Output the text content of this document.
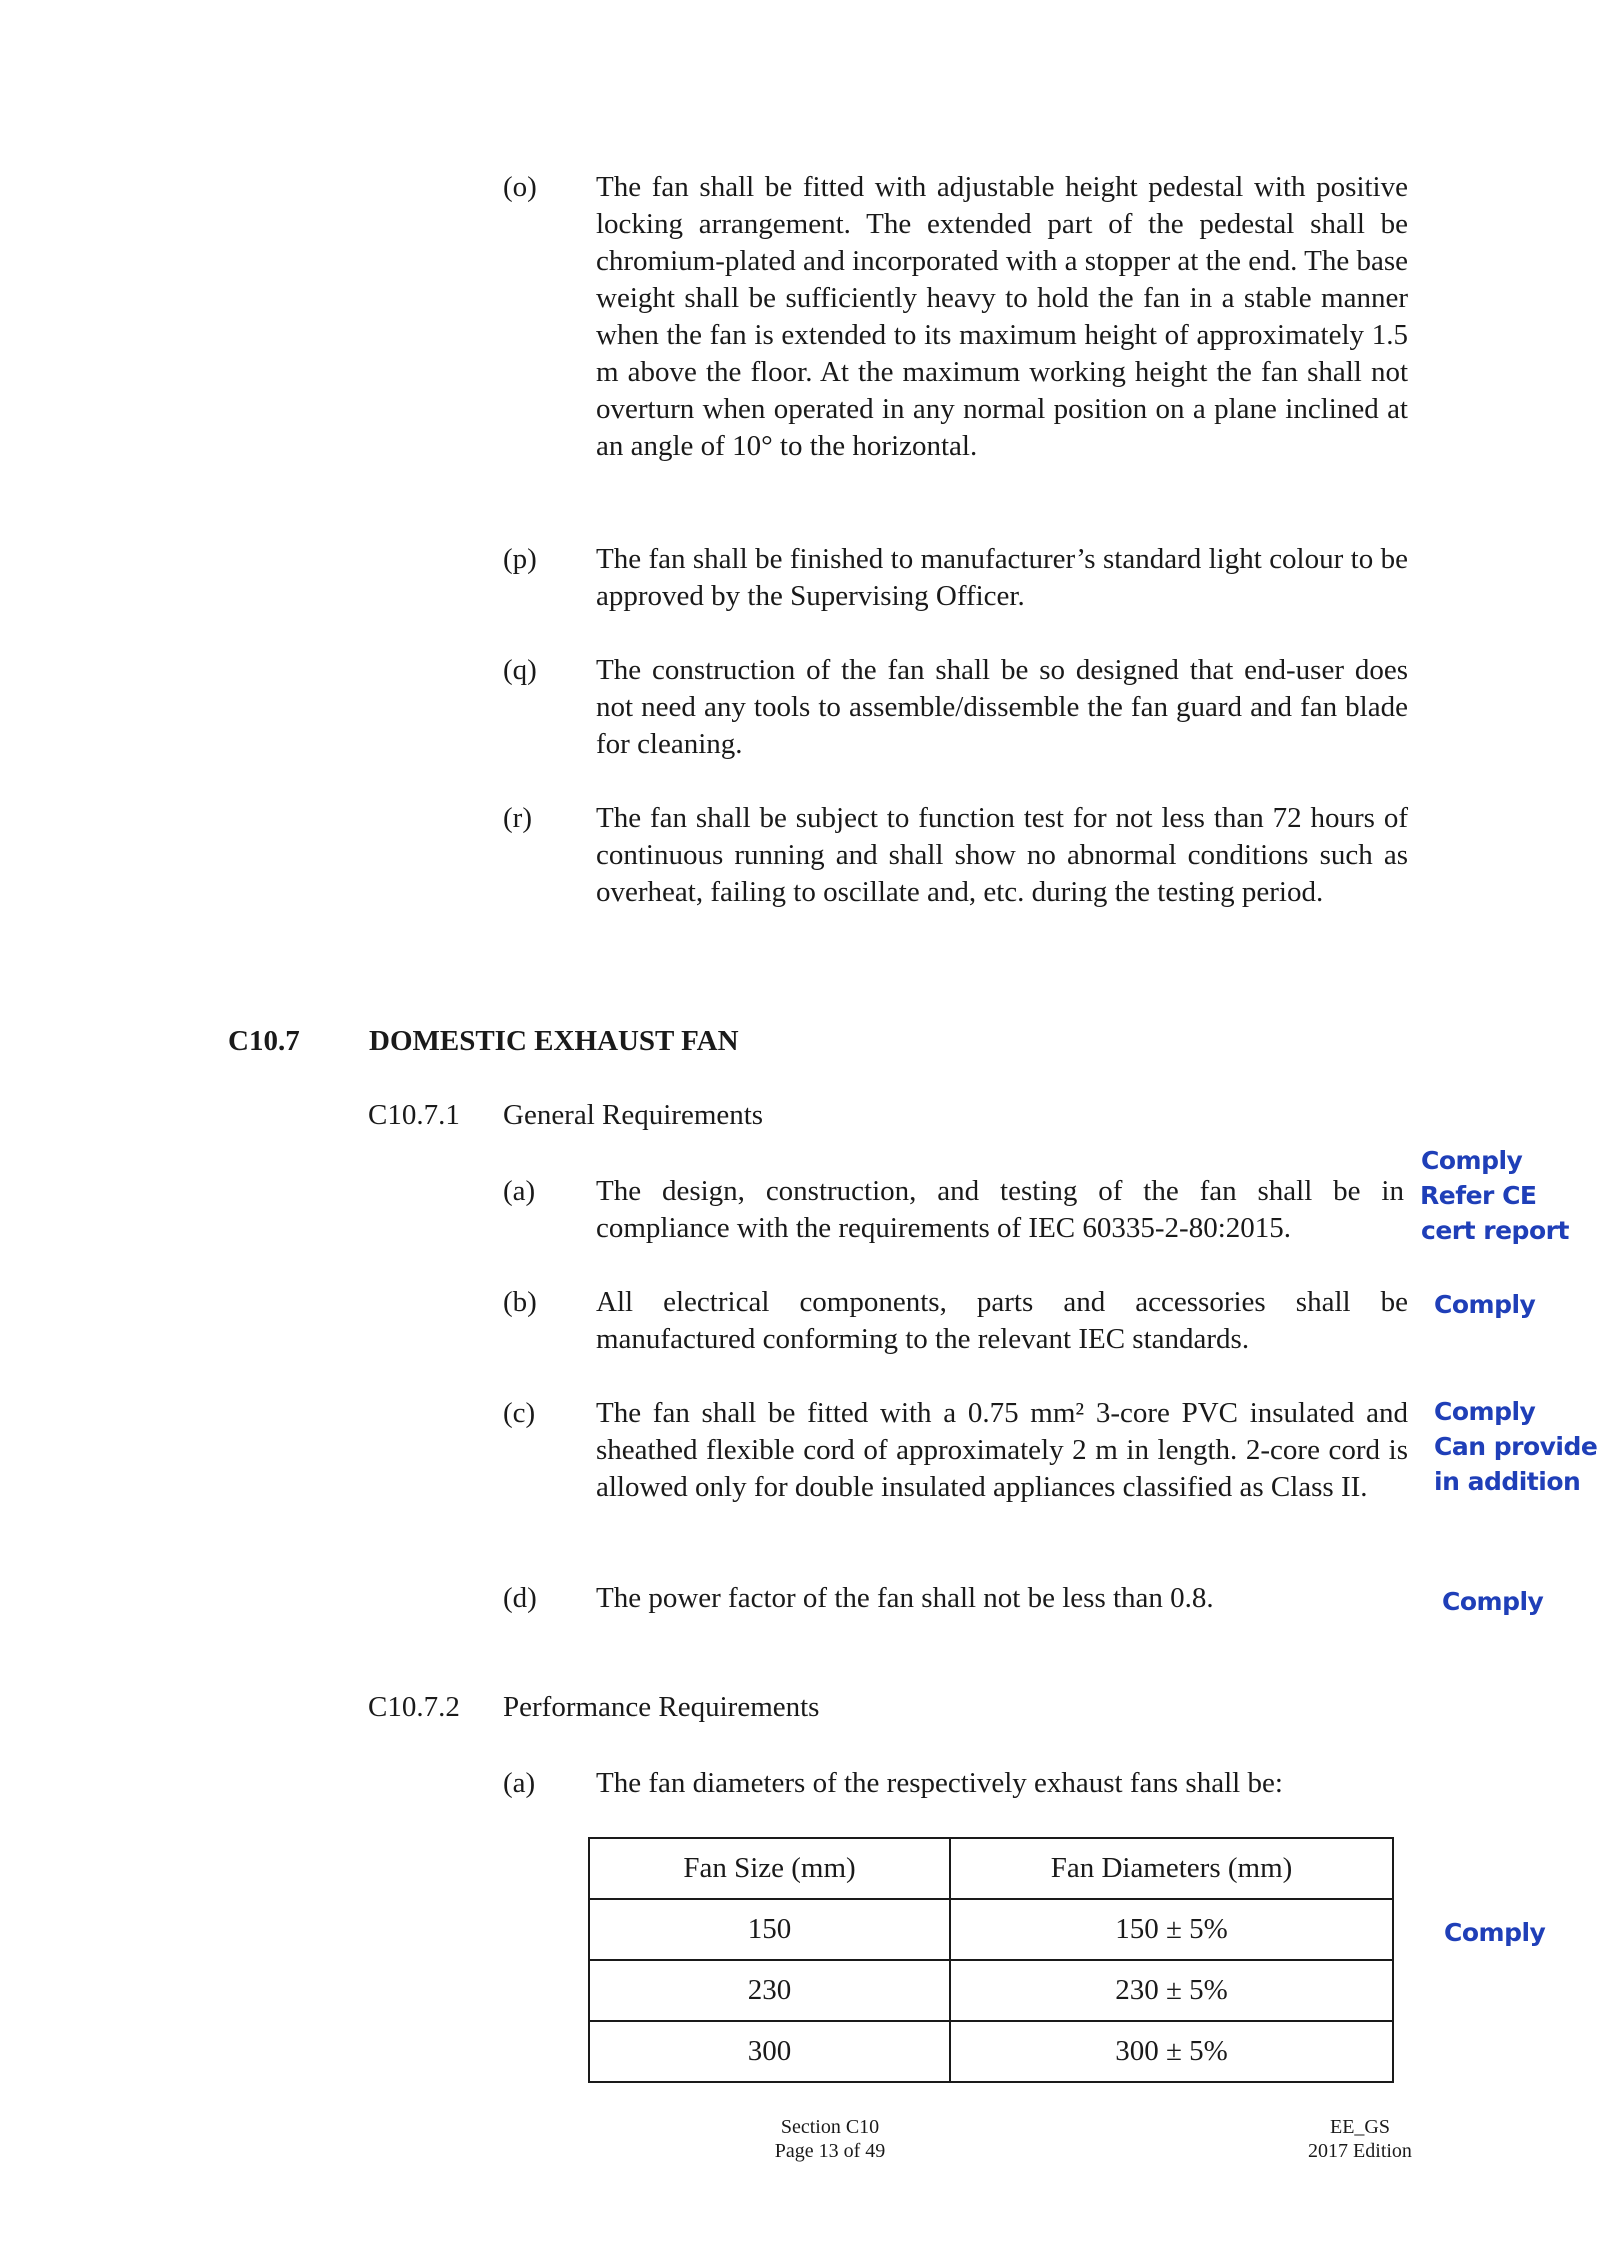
(o) The fan shall be fitted with adjustable height pedestal with positive locking arrangement. The extended part of the pedestal shall be chromium-plated and incorporated with a stopper at the end. The base weight shall be sufficiently heavy to hold the fan in a stable manner when the fan is extended to its maximum height of approximately 1.5 m above the floor. At the maximum working height the fan shall not overturn when operated in any normal position on a plane inclined at an angle of 10° to the horizontal.
(p) The fan shall be finished to manufacturer’s standard light colour to be approved by the Supervising Officer.
(q) The construction of the fan shall be so designed that end-user does not need any tools to assemble/dissemble the fan guard and fan blade for cleaning.
(r) The fan shall be subject to function test for not less than 72 hours of continuous running and shall show no abnormal conditions such as overheat, failing to oscillate and, etc. during the testing period.
C10.7 DOMESTIC EXHAUST FAN
C10.7.1 General Requirements
(a) The design, construction, and testing of the fan shall be in compliance with the requirements of IEC 60335-2-80:2015.
Comply
Refer CE
cert report
(b) All electrical components, parts and accessories shall be manufactured conforming to the relevant IEC standards.
Comply
(c) The fan shall be fitted with a 0.75 mm² 3-core PVC insulated and sheathed flexible cord of approximately 2 m in length. 2-core cord is allowed only for double insulated appliances classified as Class II.
Comply
Can provide
in addition
(d) The power factor of the fan shall not be less than 0.8.	Comply
C10.7.2 Performance Requirements
(a) The fan diameters of the respectively exhaust fans shall be:
Fan Size (mm)	Fan Diameters (mm)
150	150 ± 5%
230	230 ± 5%
300	300 ± 5%
Comply
Section C10
Page 13 of 49
EE_GS
2017 Edition
